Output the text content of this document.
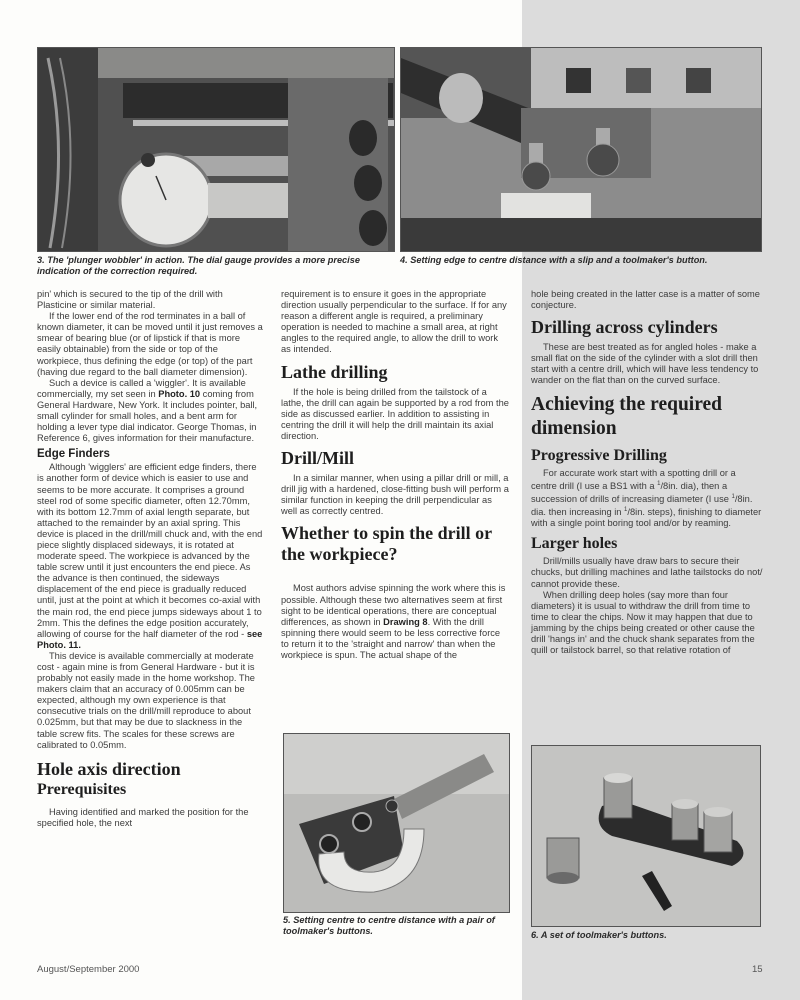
3. The 'plunger wobbler' in action. The dial gauge provides a more precise indication of the correction required.
4. Setting edge to centre distance with a slip and a toolmaker's button.

pin' which is secured to the tip of the drill with Plasticine or similar material.

If the lower end of the rod terminates in a ball of known diameter, it can be moved until it just removes a smear of bearing blue (or of lipstick if that is more easily obtainable) from the side or top of the workpiece, thus defining the edge (or top) of the part (having due regard to the ball diameter dimension).

Such a device is called a 'wiggler'. It is available commercially, my set seen in Photo. 10 coming from General Hardware, New York. It includes pointer, ball, small cylinder for small holes, and a bent arm for holding a lever type dial indicator. George Thomas, in Reference 6, gives information for their manufacture.

Edge Finders

Although 'wigglers' are efficient edge finders, there is another form of device which is easier to use and seems to be more accurate. It comprises a ground steel rod of some specific diameter, often 12.70mm, with its bottom 12.7mm of axial length separate, but attached to the remainder by an axial spring. This device is placed in the drill/mill chuck and, with the end piece slightly displaced sideways, it is rotated at moderate speed. The workpiece is advanced by the table screw until it just encounters the end piece. As the advance is then continued, the sideways displacement of the end piece is gradually reduced until, just at the point at which it becomes co-axial with the main rod, the end piece jumps sideways about 1 to 2mm. This the defines the edge position accurately, allowing of course for the half diameter of the rod - see Photo. 11.

This device is available commercially at moderate cost - again mine is from General Hardware - but it is probably not easily made in the home workshop. The makers claim that an accuracy of 0.005mm can be expected, although my own experience is that consecutive trials on the drill/mill reproduce to about 0.025mm, but that may be due to slackness in the table screw fits. The scales for these screws are calibrated to 0.05mm.

Hole axis direction
Prerequisites

Having identified and marked the position for the specified hole, the next

requirement is to ensure it goes in the appropriate direction usually perpendicular to the surface. If for any reason a different angle is required, a preliminary operation is needed to machine a small area, at right angles to the required angle, to allow the drill to work as intended.

Lathe drilling

If the hole is being drilled from the tailstock of a lathe, the drill can again be supported by a rod from the side as discussed earlier. In addition to assisting in centring the drill it will help the drill maintain its axial direction.

Drill/Mill

In a similar manner, when using a pillar drill or mill, a drill jig with a hardened, close-fitting bush will perform a similar function in keeping the drill perpendicular as well as correctly centred.

Whether to spin the drill or the workpiece?

Most authors advise spinning the work where this is possible. Although these two alternatives seem at first sight to be identical operations, there are conceptual differences, as shown in Drawing 8. With the drill spinning there would seem to be less corrective force to return it to the 'straight and narrow' than when the workpiece is spun. The actual shape of the

5. Setting centre to centre distance with a pair of toolmaker's buttons.

hole being created in the latter case is a matter of some conjecture.

Drilling across cylinders

These are best treated as for angled holes - make a small flat on the side of the cylinder with a slot drill then start with a centre drill, which will have less tendency to wander on the flat than on the curved surface.

Achieving the required dimension
Progressive Drilling

For accurate work start with a spotting drill or a centre drill (I use a BS1 with a $^1$/8in. dia), then a succession of drills of increasing diameter (I use $^1$/8in. dia. then increasing in $^1$/8in. steps), finishing to diameter with a single point boring tool and/or by reaming.

Larger holes

Drill/mills usually have draw bars to secure their chucks, but drilling machines and lathe tailstocks do not/ cannot provide these.

When drilling deep holes (say more than four diameters) it is usual to withdraw the drill from time to time to clear the chips. Now it may happen that due to jamming by the chips being created or other cause the drill 'hangs in' and the chuck shank separates from the quill or tailstock barrel, so that relative rotation of

6. A set of toolmaker's buttons.
August/September 2000	15
